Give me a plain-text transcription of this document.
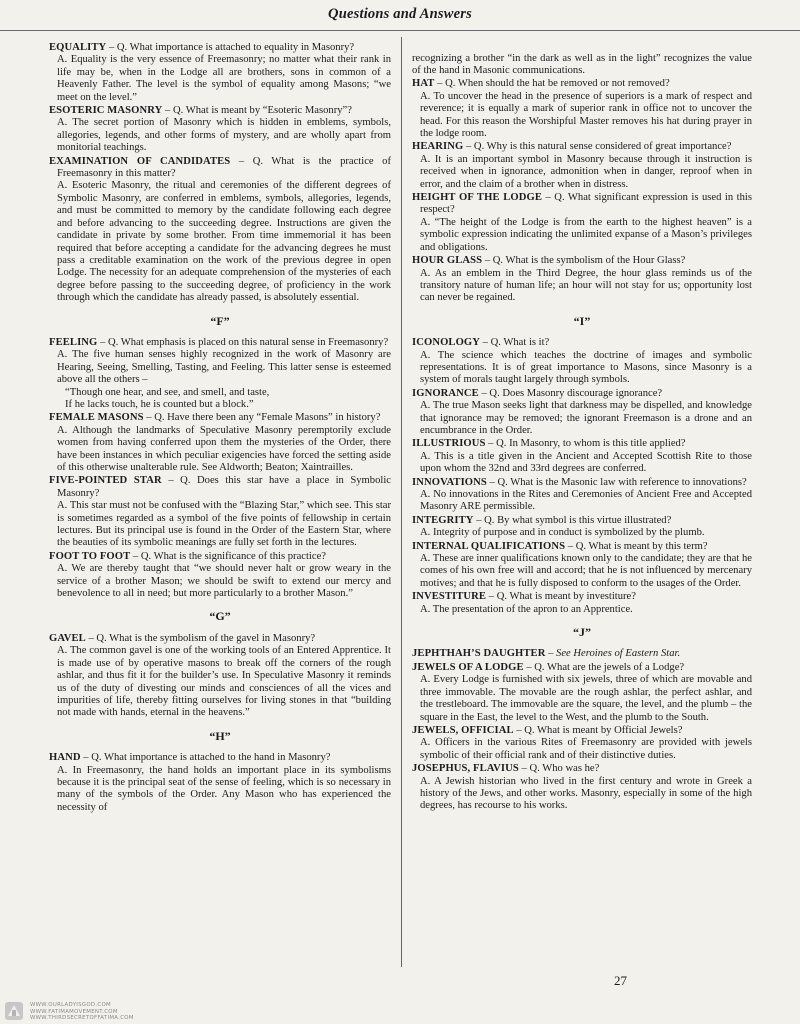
Questions and Answers

EQUALITY – Q. What importance is attached to equality in Masonry?

A. Equality is the very essence of Freemasonry; no matter what their rank in life may be, when in the Lodge all are brothers, sons in common of a Heavenly Father. The level is the symbol of equality among Masons; “we meet on the level.”

ESOTERIC MASONRY – Q. What is meant by “Esoteric Masonry”?

A. The secret portion of Masonry which is hidden in emblems, symbols, allegories, legends, and other forms of mystery, and are wholly apart from monitorial teachings.

EXAMINATION OF CANDIDATES – Q. What is the practice of Freemasonry in this matter?

A. Esoteric Masonry, the ritual and ceremonies of the different degrees of Symbolic Masonry, are conferred in emblems, symbols, allegories, legends, and must be committed to memory by the candidate following each degree and before advancing to the succeeding degree. Instructions are given the candidate in private by some brother. From time immemorial it has been required that before accepting a candidate for the advancing degrees he must pass a creditable examination on the work of the previous degree in open Lodge. The necessity for an adequate comprehension of the mysteries of each degree before passing to the succeeding degree, of proficiency in the work through which the candidate has already passed, is absolutely essential.

“F”

FEELING – Q. What emphasis is placed on this natural sense in Freemasonry?

A. The five human senses highly recognized in the work of Masonry are Hearing, Seeing, Smelling, Tasting, and Feeling. This latter sense is esteemed above all the others –

“Though one hear, and see, and smell, and taste,

If he lacks touch, he is counted but a block.”

FEMALE MASONS – Q. Have there been any “Female Masons” in history?

A. Although the landmarks of Speculative Masonry peremptorily exclude women from having conferred upon them the mysteries of the Order, there have been instances in which peculiar exigencies have forced the setting aside of this otherwise unalterable rule. See Aldworth; Beaton; Xaintrailles.

FIVE-POINTED STAR – Q. Does this star have a place in Symbolic Masonry?

A. This star must not be confused with the “Blazing Star,” which see. This star is sometimes regarded as a symbol of the five points of fellowship in certain lectures. But its principal use is found in the Order of the Eastern Star, where the beauties of its symbolic meanings are fully set forth in the lectures.

FOOT TO FOOT – Q. What is the significance of this practice?

A. We are thereby taught that “we should never halt or grow weary in the service of a brother Mason; we should be swift to extend our mercy and benevolence to all in need; but more particularly to a brother Mason.”

“G”

GAVEL – Q. What is the symbolism of the gavel in Masonry?

A. The common gavel is one of the working tools of an Entered Apprentice. It is made use of by operative masons to break off the corners of the rough ashlar, and thus fit it for the builder’s use. In Speculative Masonry it reminds us of the duty of divesting our minds and consciences of all the vices and impurities of life, thereby fitting ourselves for living stones in that “building not made with hands, eternal in the heavens.”

“H”

HAND – Q. What importance is attached to the hand in Masonry?

A. In Freemasonry, the hand holds an important place in its symbolisms because it is the principal seat of the sense of feeling, which is so necessary in many of the symbols of the Order. Any Mason who has experienced the necessity of

recognizing a brother “in the dark as well as in the light” recognizes the value of the hand in Masonic communications.

HAT – Q. When should the hat be removed or not removed?

A. To uncover the head in the presence of superiors is a mark of respect and reverence; it is equally a mark of superior rank in office not to uncover the head. For this reason the Worshipful Master removes his hat during prayer in the lodge room.

HEARING – Q. Why is this natural sense considered of great importance?

A. It is an important symbol in Masonry because through it instruction is received when in ignorance, admonition when in danger, reproof when in error, and the claim of a brother when in distress.

HEIGHT OF THE LODGE – Q. What significant expression is used in this respect?

A. “The height of the Lodge is from the earth to the highest heaven” is a symbolic expression indicating the unlimited expanse of a Mason’s privileges and obligations.

HOUR GLASS – Q. What is the symbolism of the Hour Glass?

A. As an emblem in the Third Degree, the hour glass reminds us of the transitory nature of human life; an hour will not stay for us; opportunity lost can never be regained.

“I”

ICONOLOGY – Q. What is it?

A. The science which teaches the doctrine of images and symbolic representations. It is of great importance to Masons, since Masonry is a system of morals taught largely through symbols.

IGNORANCE – Q. Does Masonry discourage ignorance?

A. The true Mason seeks light that darkness may be dispelled, and knowledge that ignorance may be removed; the ignorant Freemason is a drone and an encumbrance in the Order.

ILLUSTRIOUS – Q. In Masonry, to whom is this title applied?

A. This is a title given in the Ancient and Accepted Scottish Rite to those upon whom the 32nd and 33rd degrees are conferred.

INNOVATIONS – Q. What is the Masonic law with reference to innovations?

A. No innovations in the Rites and Ceremonies of Ancient Free and Accepted Masonry ARE permissible.

INTEGRITY – Q. By what symbol is this virtue illustrated?

A. Integrity of purpose and in conduct is symbolized by the plumb.

INTERNAL QUALIFICATIONS – Q. What is meant by this term?

A. These are inner qualifications known only to the candidate; they are that he comes of his own free will and accord; that he is not influenced by mercenary motives; and that he is fully disposed to conform to the usages of the Order.

INVESTITURE – Q. What is meant by investiture?

A. The presentation of the apron to an Apprentice.

“J”

JEPHTHAH’S DAUGHTER – See Heroines of Eastern Star.

JEWELS OF A LODGE – Q. What are the jewels of a Lodge?

A. Every Lodge is furnished with six jewels, three of which are movable and three immovable. The movable are the rough ashlar, the perfect ashlar, and the trestleboard. The immovable are the square, the level, and the plumb – the square in the East, the level to the West, and the plumb to the South.

JEWELS, OFFICIAL – Q. What is meant by Official Jewels?

A. Officers in the various Rites of Freemasonry are provided with jewels symbolic of their official rank and of their distinctive duties.

JOSEPHUS, FLAVIUS – Q. Who was he?

A. A Jewish historian who lived in the first century and wrote in Greek a history of the Jews, and other works. Masonry, especially in some of the high degrees, has recourse to his works.

27
WWW.OURLADYISGOD.COM
WWW.FATIMAMOVEMENT.COM
WWW.THIRDSECRETOFFATIMA.COM
